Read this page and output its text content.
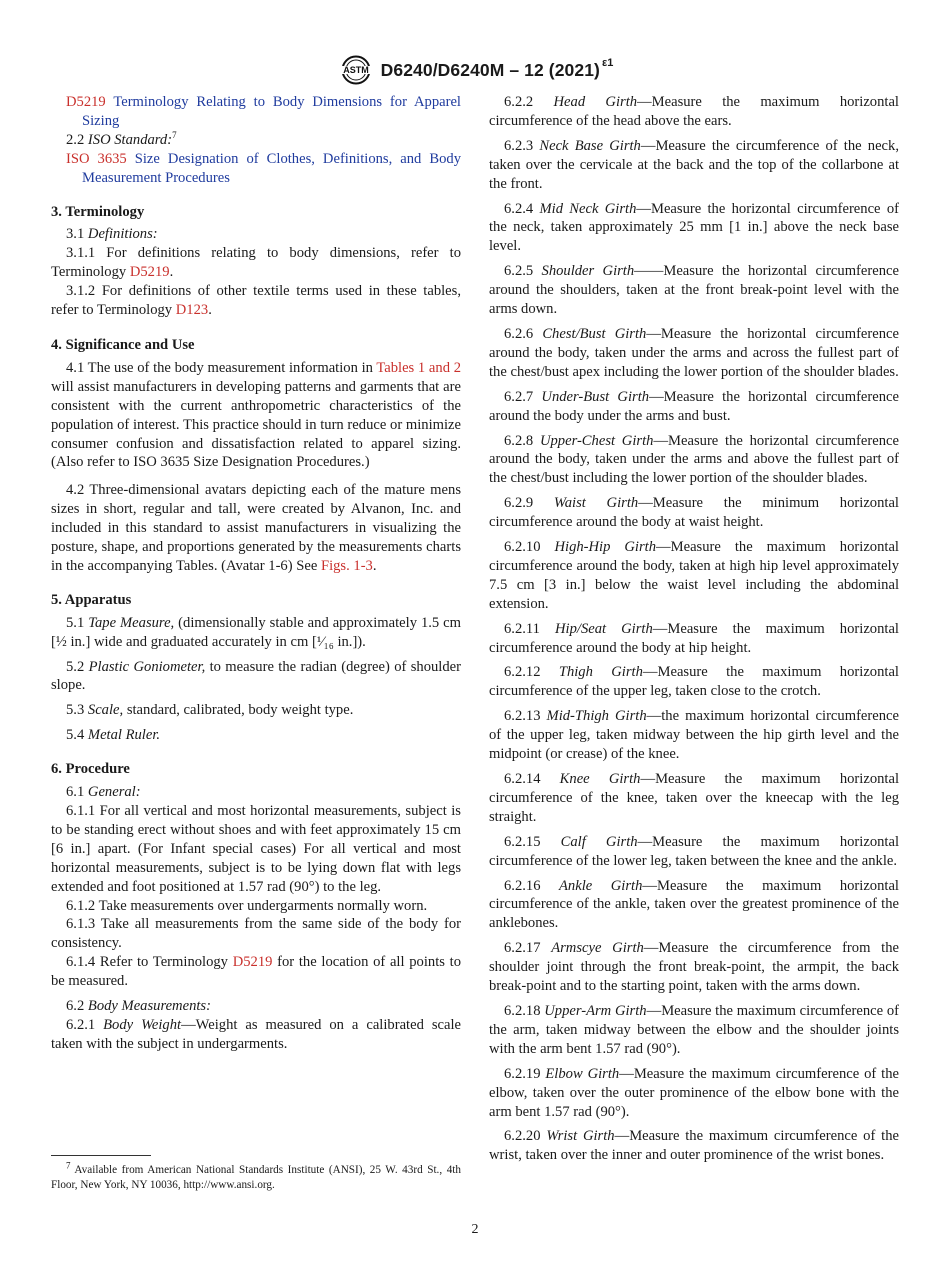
ASTM D6240/D6240M – 12 (2021) ε1

D5219 Terminology Relating to Body Dimensions for Apparel Sizing

2.2 ISO Standard:$^7$

ISO 3635 Size Designation of Clothes, Definitions, and Body Measurement Procedures

3. Terminology

3.1 Definitions:

3.1.1 For definitions relating to body dimensions, refer to Terminology D5219.

3.1.2 For definitions of other textile terms used in these tables, refer to Terminology D123.

4. Significance and Use

4.1 The use of the body measurement information in Tables 1 and 2 will assist manufacturers in developing patterns and garments that are consistent with the current anthropometric characteristics of the population of interest. This practice should in turn reduce or minimize consumer confusion and dissatisfaction related to apparel sizing. (Also refer to ISO 3635 Size Designation Procedures.)

4.2 Three-dimensional avatars depicting each of the mature mens sizes in short, regular and tall, were created by Alvanon, Inc. and included in this standard to assist manufacturers in visualizing the posture, shape, and proportions generated by the measurements charts in the accompanying Tables. (Avatar 1-6) See Figs. 1-3.

5. Apparatus

5.1 Tape Measure, (dimensionally stable and approximately 1.5 cm [½ in.] wide and graduated accurately in cm [¹⁄₁₆ in.]).

5.2 Plastic Goniometer, to measure the radian (degree) of shoulder slope.

5.3 Scale, standard, calibrated, body weight type.

5.4 Metal Ruler.

6. Procedure

6.1 General:

6.1.1 For all vertical and most horizontal measurements, subject is to be standing erect without shoes and with feet approximately 15 cm [6 in.] apart. (For Infant special cases) For all vertical and most horizontal measurements, subject is to be lying down flat with legs extended and foot positioned at 1.57 rad (90°) to the leg.

6.1.2 Take measurements over undergarments normally worn.

6.1.3 Take all measurements from the same side of the body for consistency.

6.1.4 Refer to Terminology D5219 for the location of all points to be measured.

6.2 Body Measurements:

6.2.1 Body Weight—Weight as measured on a calibrated scale taken with the subject in undergarments.

$^7$ Available from American National Standards Institute (ANSI), 25 W. 43rd St., 4th Floor, New York, NY 10036, http://www.ansi.org.

6.2.2 Head Girth—Measure the maximum horizontal circumference of the head above the ears.

6.2.3 Neck Base Girth—Measure the circumference of the neck, taken over the cervicale at the back and the top of the collarbone at the front.

6.2.4 Mid Neck Girth—Measure the horizontal circumference of the neck, taken approximately 25 mm [1 in.] above the neck base level.

6.2.5 Shoulder Girth——Measure the horizontal circumference around the shoulders, taken at the front break-point level with the arms down.

6.2.6 Chest/Bust Girth—Measure the horizontal circumference around the body, taken under the arms and across the fullest part of the chest/bust apex including the lower portion of the shoulder blades.

6.2.7 Under-Bust Girth—Measure the horizontal circumference around the body under the arms and bust.

6.2.8 Upper-Chest Girth—Measure the horizontal circumference around the body, taken under the arms and above the fullest part of the chest/bust including the lower portion of the shoulder blades.

6.2.9 Waist Girth—Measure the minimum horizontal circumference around the body at waist height.

6.2.10 High-Hip Girth—Measure the maximum horizontal circumference around the body, taken at high hip level approximately 7.5 cm [3 in.] below the waist level including the abdominal extension.

6.2.11 Hip/Seat Girth—Measure the maximum horizontal circumference around the body at hip height.

6.2.12 Thigh Girth—Measure the maximum horizontal circumference of the upper leg, taken close to the crotch.

6.2.13 Mid-Thigh Girth—the maximum horizontal circumference of the upper leg, taken midway between the hip girth level and the midpoint (or crease) of the knee.

6.2.14 Knee Girth—Measure the maximum horizontal circumference of the knee, taken over the kneecap with the leg straight.

6.2.15 Calf Girth—Measure the maximum horizontal circumference of the lower leg, taken between the knee and the ankle.

6.2.16 Ankle Girth—Measure the maximum horizontal circumference of the ankle, taken over the greatest prominence of the anklebones.

6.2.17 Armscye Girth—Measure the circumference from the shoulder joint through the front break-point, the armpit, the back break-point and to the starting point, taken with the arms down.

6.2.18 Upper-Arm Girth—Measure the maximum circumference of the arm, taken midway between the elbow and the shoulder joints with the arm bent 1.57 rad (90°).

6.2.19 Elbow Girth—Measure the maximum circumference of the elbow, taken over the outer prominence of the elbow bone with the arm bent 1.57 rad (90°).

6.2.20 Wrist Girth—Measure the maximum circumference of the wrist, taken over the inner and outer prominence of the wrist bones.

2
